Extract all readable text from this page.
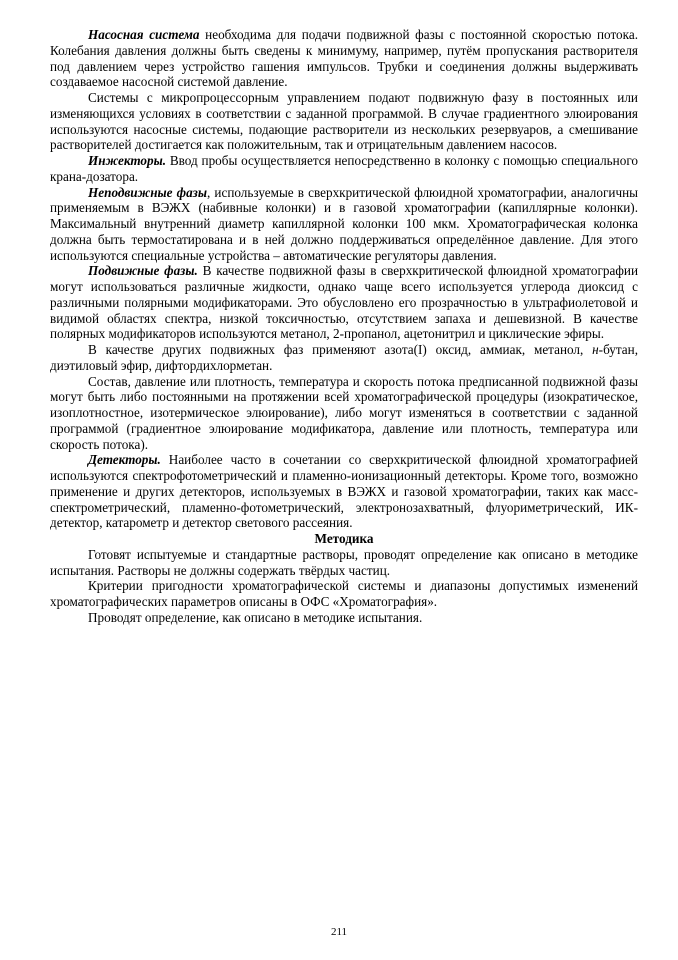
Насосная система необходима для подачи подвижной фазы с постоянной скоростью потока. Колебания давления должны быть сведены к минимуму, например, путём пропускания растворителя под давлением через устройство гашения импульсов. Трубки и соединения должны выдерживать создаваемое насосной системой давление.

Системы с микропроцессорным управлением подают подвижную фазу в постоянных или изменяющихся условиях в соответствии с заданной программой. В случае градиентного элюирования используются насосные системы, подающие растворители из нескольких резервуаров, а смешивание растворителей достигается как положительным, так и отрицательным давлением насосов.

Инжекторы. Ввод пробы осуществляется непосредственно в колонку с помощью специального крана-дозатора.

Неподвижные фазы, используемые в сверхкритической флюидной хроматографии, аналогичны применяемым в ВЭЖХ (набивные колонки) и в газовой хроматографии (капиллярные колонки). Максимальный внутренний диаметр капиллярной колонки 100 мкм. Хроматографическая колонка должна быть термостатирована и в ней должно поддерживаться определённое давление. Для этого используются специальные устройства – автоматические регуляторы давления.

Подвижные фазы. В качестве подвижной фазы в сверхкритической флюидной хроматографии могут использоваться различные жидкости, однако чаще всего используется углерода диоксид с различными полярными модификаторами. Это обусловлено его прозрачностью в ультрафиолетовой и видимой областях спектра, низкой токсичностью, отсутствием запаха и дешевизной. В качестве полярных модификаторов используются метанол, 2-пропанол, ацетонитрил и циклические эфиры.

В качестве других подвижных фаз применяют азота(I) оксид, аммиак, метанол, н-бутан, диэтиловый эфир, дифтордихлорметан.

Состав, давление или плотность, температура и скорость потока предписанной подвижной фазы могут быть либо постоянными на протяжении всей хроматографической процедуры (изократическое, изоплотностное, изотермическое элюирование), либо могут изменяться в соответствии с заданной программой (градиентное элюирование модификатора, давление или плотность, температура или скорость потока).

Детекторы. Наиболее часто в сочетании со сверхкритической флюидной хроматографией используются спектрофотометрический и пламенно-ионизационный детекторы. Кроме того, возможно применение и других детекторов, используемых в ВЭЖХ и газовой хроматографии, таких как масс-спектрометрический, пламенно-фотометрический, электронозахватный, флуориметрический, ИК-детектор, катарометр и детектор светового рассеяния.

Методика

Готовят испытуемые и стандартные растворы, проводят определение как описано в методике испытания. Растворы не должны содержать твёрдых частиц.

Критерии пригодности хроматографической системы и диапазоны допустимых изменений хроматографических параметров описаны в ОФС «Хроматография».

Проводят определение, как описано в методике испытания.

211
